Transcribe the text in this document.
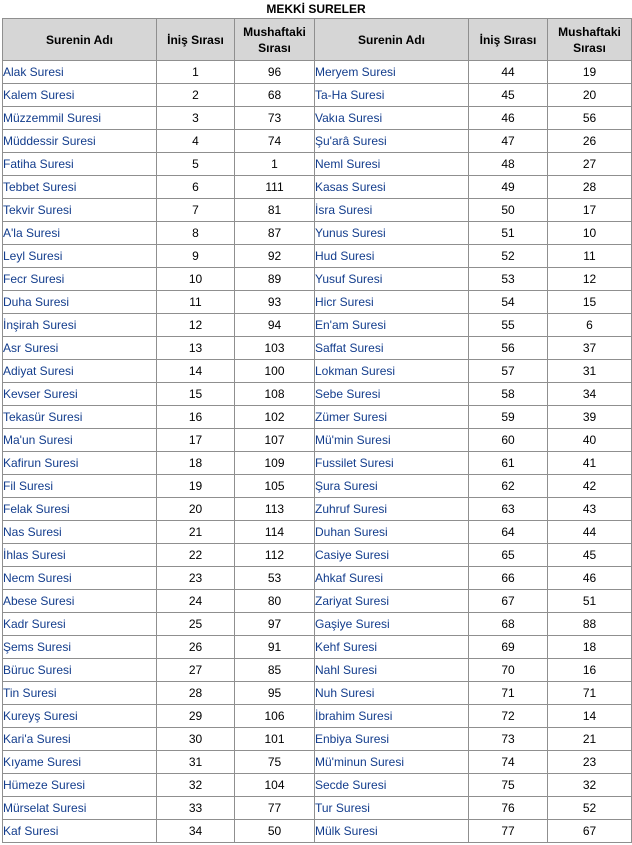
MEKKİ SURELER
Surenin Adı	İniş Sırası	Mushaftaki Sırası	Surenin Adı	İniş Sırası	Mushaftaki Sırası
Alak Suresi	1	96	Meryem Suresi	44	19
Kalem Suresi	2	68	Ta-Ha Suresi	45	20
Müzzemmil Suresi	3	73	Vakıa Suresi	46	56
Müddessir Suresi	4	74	Şu'arâ Suresi	47	26
Fatiha Suresi	5	1	Neml Suresi	48	27
Tebbet Suresi	6	111	Kasas Suresi	49	28
Tekvir Suresi	7	81	İsra Suresi	50	17
A'la Suresi	8	87	Yunus Suresi	51	10
Leyl Suresi	9	92	Hud Suresi	52	11
Fecr Suresi	10	89	Yusuf Suresi	53	12
Duha Suresi	11	93	Hicr Suresi	54	15
İnşirah Suresi	12	94	En'am Suresi	55	6
Asr Suresi	13	103	Saffat Suresi	56	37
Adiyat Suresi	14	100	Lokman Suresi	57	31
Kevser Suresi	15	108	Sebe Suresi	58	34
Tekasür Suresi	16	102	Zümer Suresi	59	39
Ma'un Suresi	17	107	Mü'min Suresi	60	40
Kafirun Suresi	18	109	Fussilet Suresi	61	41
Fil Suresi	19	105	Şura Suresi	62	42
Felak Suresi	20	113	Zuhruf Suresi	63	43
Nas Suresi	21	114	Duhan Suresi	64	44
İhlas Suresi	22	112	Casiye Suresi	65	45
Necm Suresi	23	53	Ahkaf Suresi	66	46
Abese Suresi	24	80	Zariyat Suresi	67	51
Kadr Suresi	25	97	Gaşiye Suresi	68	88
Şems Suresi	26	91	Kehf Suresi	69	18
Büruc Suresi	27	85	Nahl Suresi	70	16
Tin Suresi	28	95	Nuh Suresi	71	71
Kureyş Suresi	29	106	İbrahim Suresi	72	14
Kari'a Suresi	30	101	Enbiya Suresi	73	21
Kıyame Suresi	31	75	Mü'minun Suresi	74	23
Hümeze Suresi	32	104	Secde Suresi	75	32
Mürselat Suresi	33	77	Tur Suresi	76	52
Kaf Suresi	34	50	Mülk Suresi	77	67
